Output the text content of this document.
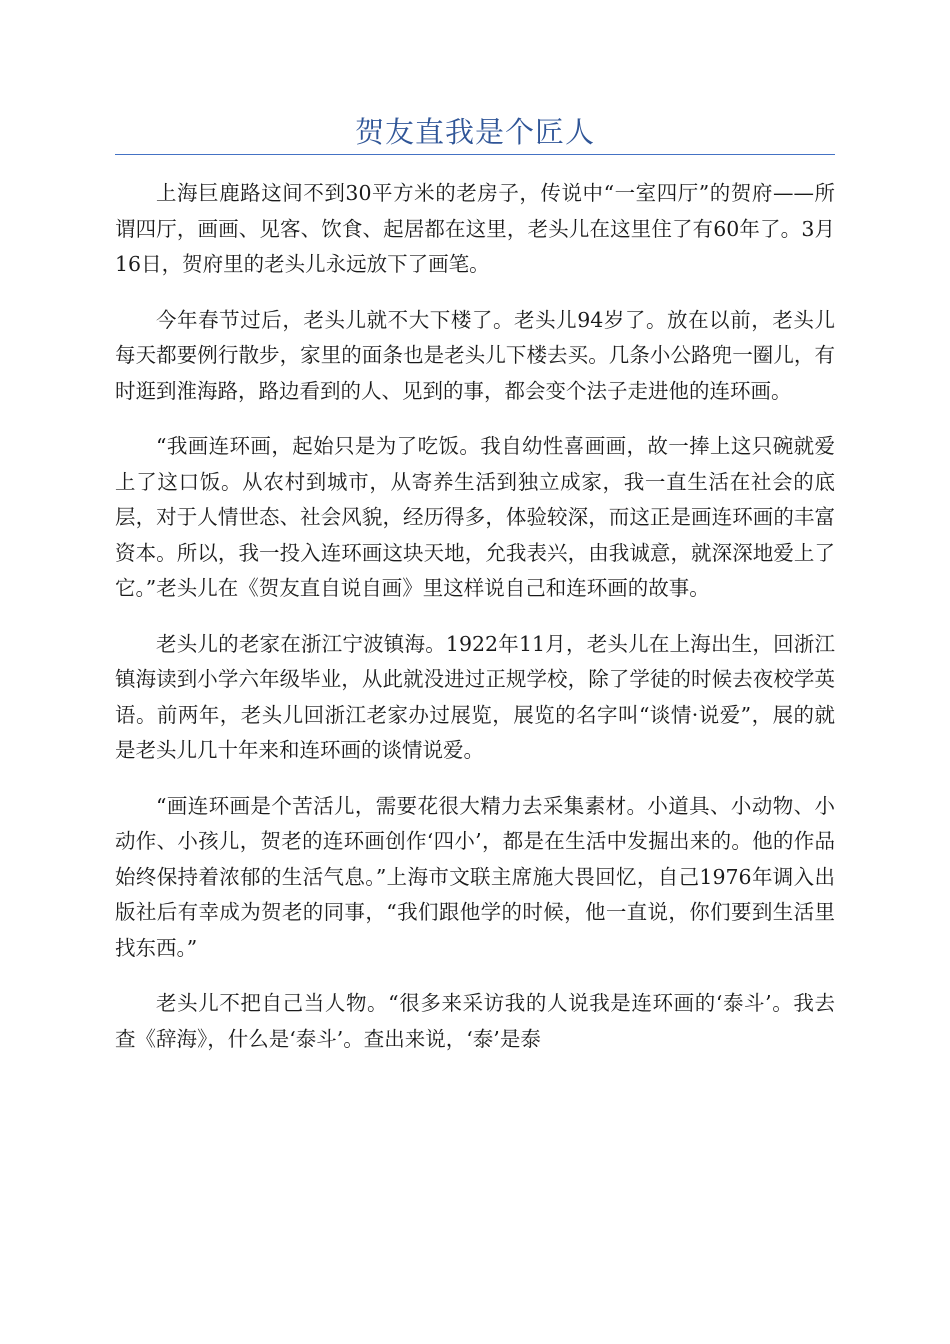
贺友直我是个匠人

上海巨鹿路这间不到30平方米的老房子，传说中“一室四厅”的贺府——所谓四厅，画画、见客、饮食、起居都在这里，老头儿在这里住了有60年了。3月16日，贺府里的老头儿永远放下了画笔。

今年春节过后，老头儿就不大下楼了。老头儿94岁了。放在以前，老头儿每天都要例行散步，家里的面条也是老头儿下楼去买。几条小公路兜一圈儿，有时逛到淮海路，路边看到的人、见到的事，都会变个法子走进他的连环画。

“我画连环画，起始只是为了吃饭。我自幼性喜画画，故一捧上这只碗就爱上了这口饭。从农村到城市，从寄养生活到独立成家，我一直生活在社会的底层，对于人情世态、社会风貌，经历得多，体验较深，而这正是画连环画的丰富资本。所以，我一投入连环画这块天地，允我表兴，由我诚意，就深深地爱上了它。”老头儿在《贺友直自说自画》里这样说自己和连环画的故事。

老头儿的老家在浙江宁波镇海。1922年11月，老头儿在上海出生，回浙江镇海读到小学六年级毕业，从此就没进过正规学校，除了学徒的时候去夜校学英语。前两年，老头儿回浙江老家办过展览，展览的名字叫“谈情·说爱”，展的就是老头儿几十年来和连环画的谈情说爱。

“画连环画是个苦活儿，需要花很大精力去采集素材。小道具、小动物、小动作、小孩儿，贺老的连环画创作‘四小’，都是在生活中发掘出来的。他的作品始终保持着浓郁的生活气息。”上海市文联主席施大畏回忆，自己1976年调入出版社后有幸成为贺老的同事，“我们跟他学的时候，他一直说，你们要到生活里找东西。”

老头儿不把自己当人物。“很多来采访我的人说我是连环画的‘泰斗’。我去查《辞海》，什么是‘泰斗’。查出来说，‘泰’是泰
